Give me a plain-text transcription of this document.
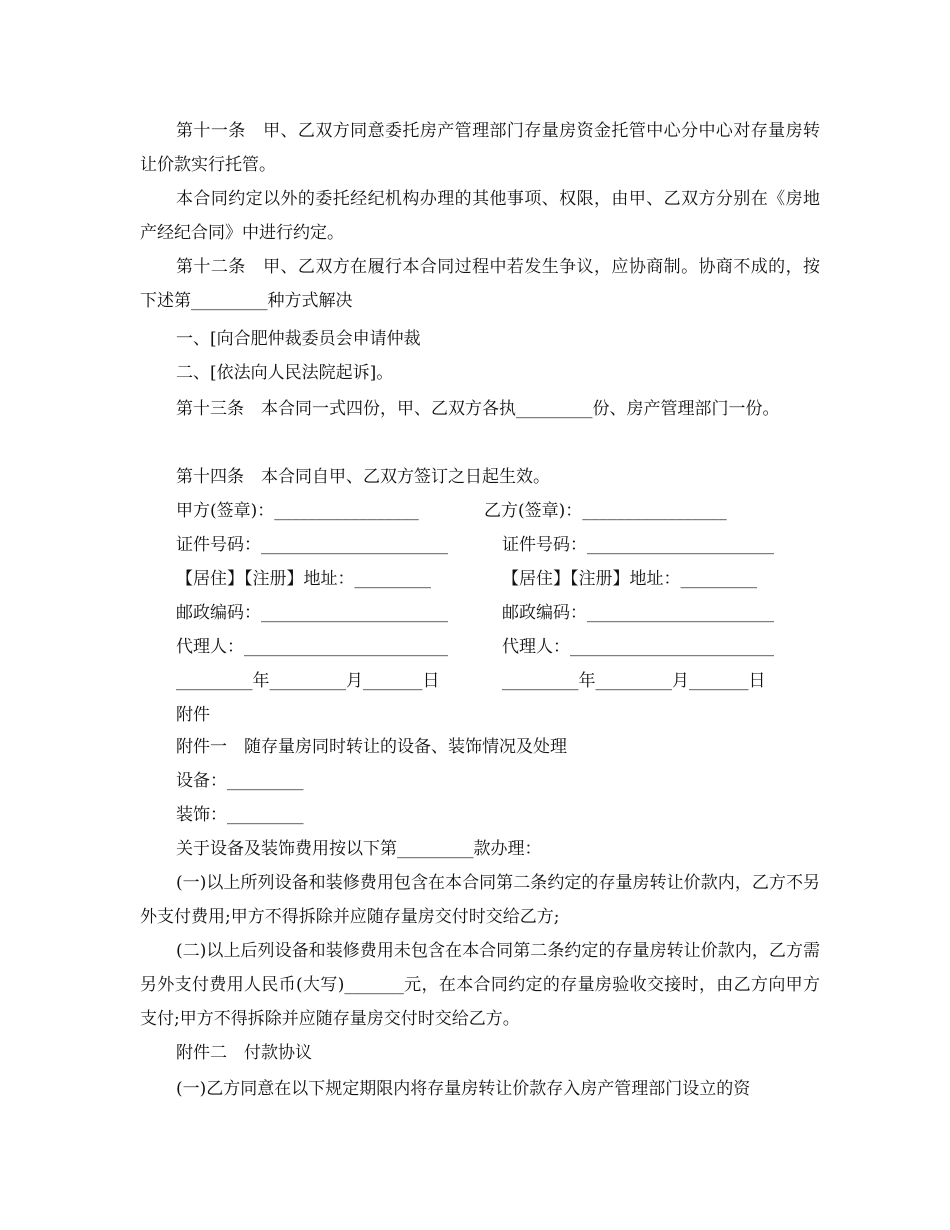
第十一条　甲、乙双方同意委托房产管理部门存量房资金托管中心分中心对存量房转让价款实行托管。

本合同约定以外的委托经纪机构办理的其他事项、权限，由甲、乙双方分别在《房地产经纪合同》中进行约定。

第十二条　甲、乙双方在履行本合同过程中若发生争议，应协商制。协商不成的，按下述第_________种方式解决

一、[向合肥仲裁委员会申请仲裁

二、[依法向人民法院起诉]。

第十三条　本合同一式四份，甲、乙双方各执_________份、房产管理部门一份。

第十四条　本合同自甲、乙双方签订之日起生效。

甲方(签章)：_________________	乙方(签章)：_________________

证件号码：______________________	证件号码：______________________

【居住】【注册】地址：_________	【居住】【注册】地址：_________

邮政编码：______________________	邮政编码：______________________

代理人：________________________	代理人：________________________

_________年_________月_______日	_________年_________月_______日

附件

附件一　随存量房同时转让的设备、装饰情况及处理

设备：_________

装饰：_________

关于设备及装饰费用按以下第_________款办理：

(一)以上所列设备和装修费用包含在本合同第二条约定的存量房转让价款内，乙方不另外支付费用;甲方不得拆除并应随存量房交付时交给乙方;

(二)以上后列设备和装修费用未包含在本合同第二条约定的存量房转让价款内，乙方需另外支付费用人民币(大写)_______元，在本合同约定的存量房验收交接时，由乙方向甲方支付;甲方不得拆除并应随存量房交付时交给乙方。

附件二　付款协议

(一)乙方同意在以下规定期限内将存量房转让价款存入房产管理部门设立的资
